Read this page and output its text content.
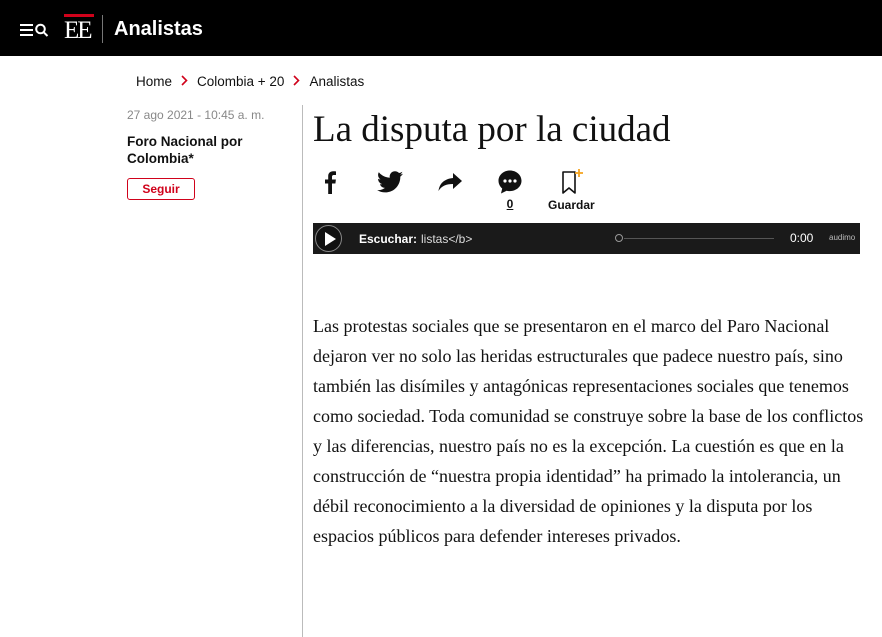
EE Analistas
Home Colombia + 20 Analistas
27 ago 2021 - 10:45 a. m.
Foro Nacional por Colombia*
Seguir
La disputa por la ciudad
0	Guardar
Escuchar: listas</b>	0:00 audimo

Las protestas sociales que se presentaron en el marco del Paro Nacional dejaron ver no solo las heridas estructurales que padece nuestro país, sino también las disímiles y antagónicas representaciones sociales que tenemos como sociedad. Toda comunidad se construye sobre la base de los conflictos y las diferencias, nuestro país no es la excepción. La cuestión es que en la construcción de “nuestra propia identidad” ha primado la intolerancia, un débil reconocimiento a la diversidad de opiniones y la disputa por los espacios públicos para defender intereses privados.
